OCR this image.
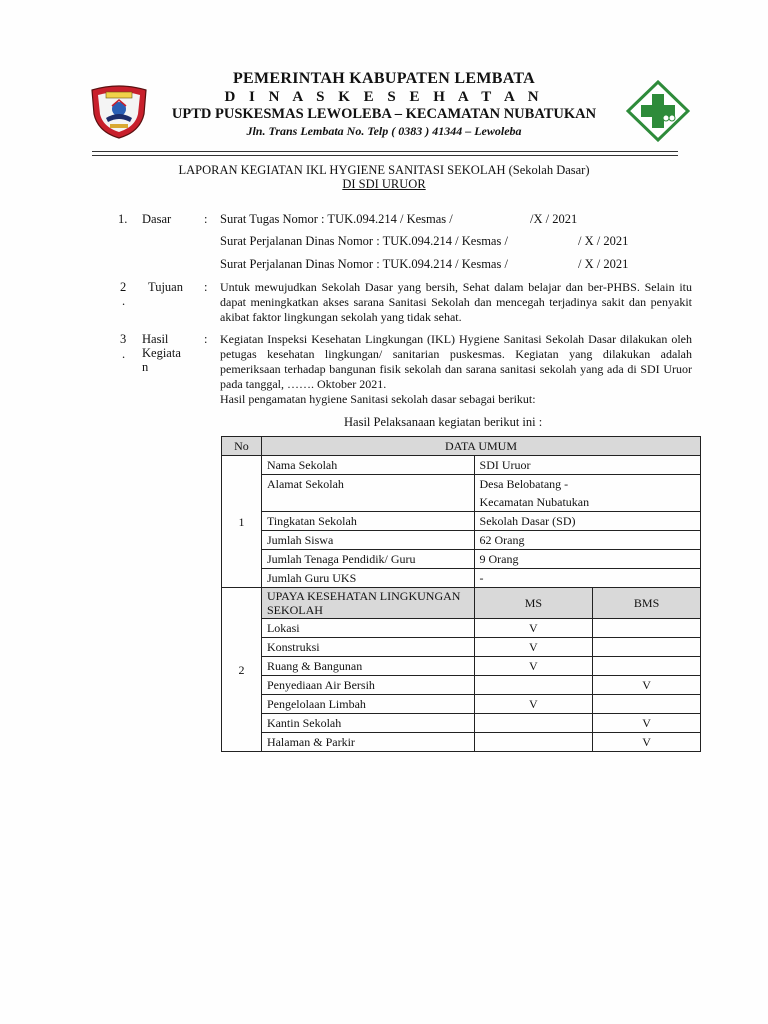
PEMERINTAH KABUPATEN LEMBATA
D I N A S K E S E H A T A N
UPTD PUSKESMAS LEWOLEBA – KECAMATAN NUBATUKAN
Jln. Trans Lembata No. Telp ( 0383 ) 41344 – Lewoleba
LAPORAN KEGIATAN IKL HYGIENE SANITASI SEKOLAH (Sekolah Dasar)
DI SDI URUOR
1. Dasar	: Surat Tugas Nomor : TUK.094.214 / Kesmas /	/X / 2021
Surat Perjalanan Dinas Nomor : TUK.094.214 / Kesmas /	/ X / 2021
Surat Perjalanan Dinas Nomor : TUK.094.214 / Kesmas /	/ X / 2021
2
.
Tujuan : Untuk mewujudkan Sekolah Dasar yang bersih, Sehat dalam belajar dan ber-PHBS. Selain itu dapat meningkatkan akses sarana Sanitasi Sekolah dan mencegah terjadinya sakit dan penyakit akibat faktor lingkungan sekolah yang tidak sehat.
3
.
Hasil
Kegiata
n
: Kegiatan Inspeksi Kesehatan Lingkungan (IKL) Hygiene Sanitasi Sekolah Dasar dilakukan oleh petugas kesehatan lingkungan/ sanitarian puskesmas. Kegiatan yang dilakukan adalah pemeriksaan terhadap bangunan fisik sekolah dan sarana sanitasi sekolah yang ada di SDI Uruor pada tanggal, ……. Oktober 2021.
Hasil pengamatan hygiene Sanitasi sekolah dasar sebagai berikut:
Hasil Pelaksanaan kegiatan berikut ini :
No	DATA UMUM		
1	Nama Sekolah	SDI Uruor	

	Alamat Sekolah	Desa Belobatang -
Kecamatan Nubatukan	

	Tingkatan Sekolah	Sekolah Dasar (SD)	

	Jumlah Siswa	62 Orang	

	Jumlah Tenaga Pendidik/ Guru	9 Orang	

	Jumlah Guru UKS	-	

2	UPAYA KESEHATAN LINGKUNGAN SEKOLAH	MS	BMS
	Lokasi	V	
	Konstruksi	V	
	Ruang & Bangunan	V	
	Penyediaan Air Bersih		V
	Pengelolaan Limbah	V	
	Kantin Sekolah		V
	Halaman & Parkir		V
